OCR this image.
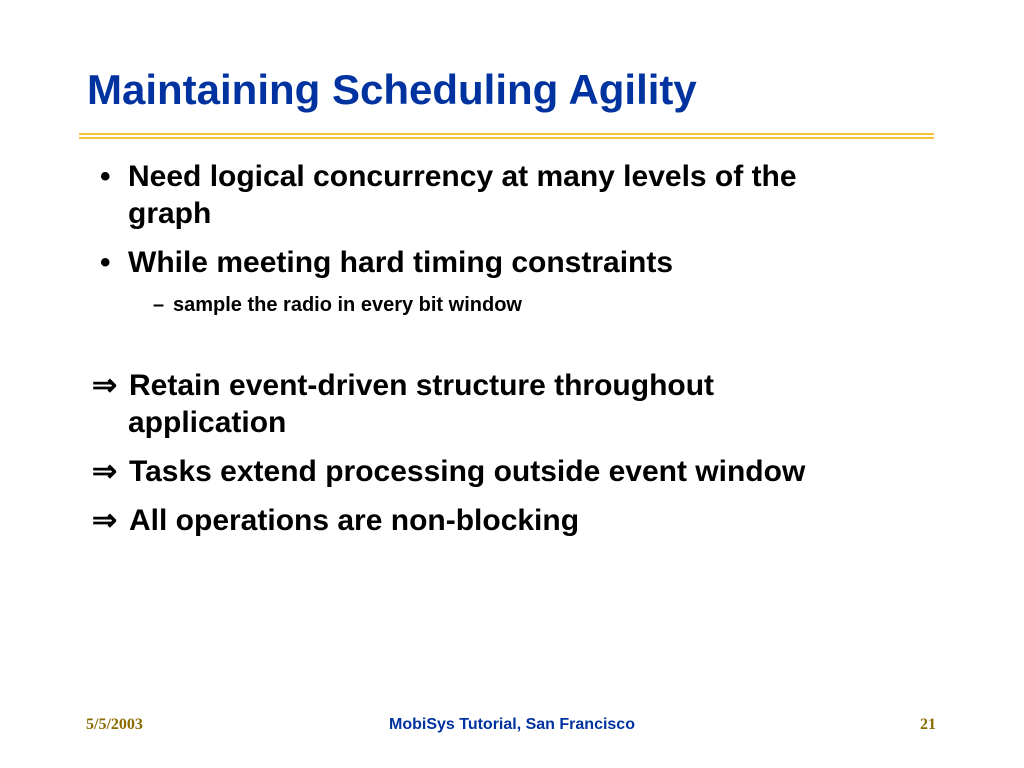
Maintaining Scheduling Agility
• Need logical concurrency at many levels of the
graph
• While meeting hard timing constraints
– sample the radio in every bit window
⇒ Retain event-driven structure throughout
application
⇒ Tasks extend processing outside event window
⇒ All operations are non-blocking
5/5/2003	MobiSys Tutorial, San Francisco	21
